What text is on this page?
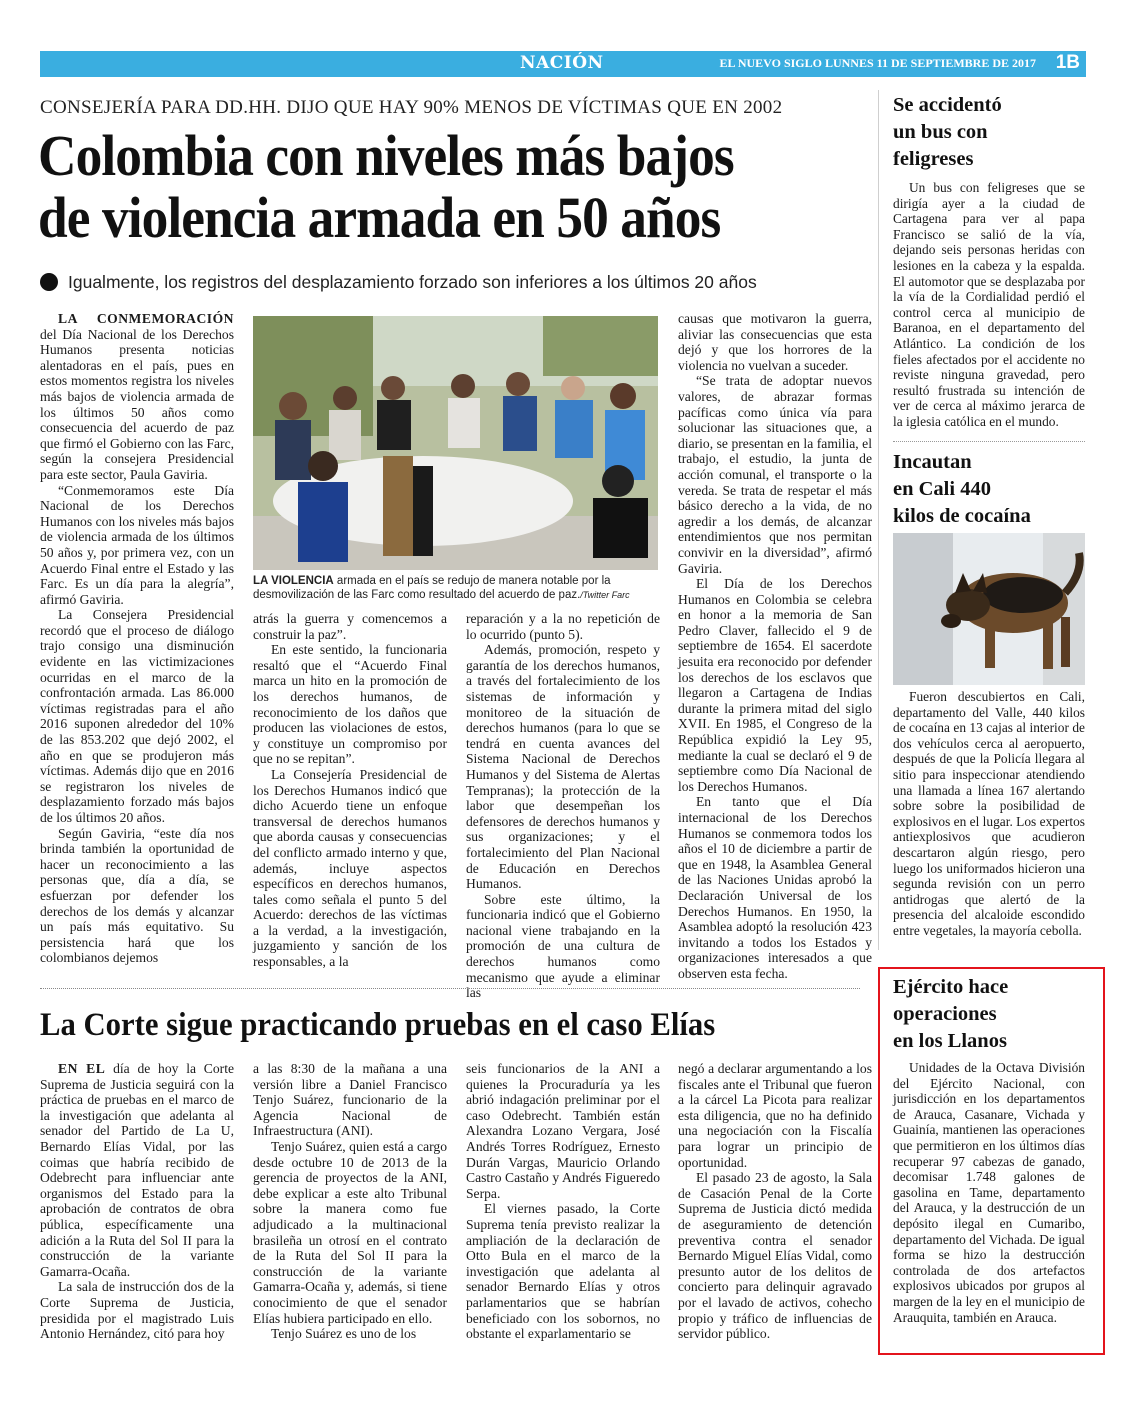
NACIÓN	EL NUEVO SIGLO LUNNES 11 DE SEPTIEMBRE DE 2017 1B
CONSEJERÍA PARA DD.HH. DIJO QUE HAY 90% MENOS DE VÍCTIMAS QUE EN 2002
Colombia con niveles más bajos
de violencia armada en 50 años
Igualmente, los registros del desplazamiento forzado son inferiores a los últimos 20 años

LA CONMEMORACIÓN del Día Nacional de los Derechos Humanos presenta noticias alentadoras en el país, pues en estos momentos registra los niveles más bajos de violencia armada de los últimos 50 años como consecuencia del acuerdo de paz que firmó el Gobierno con las Farc, según la consejera Presidencial para este sector, Paula Gaviria.

“Conmemoramos este Día Nacional de los Derechos Humanos con los niveles más bajos de violencia armada de los últimos 50 años y, por primera vez, con un Acuerdo Final entre el Estado y las Farc. Es un día para la alegría”, afirmó Gaviria.

La Consejera Presidencial recordó que el proceso de diálogo trajo consigo una disminución evidente en las victimizaciones ocurridas en el marco de la confrontación armada. Las 86.000 víctimas registradas para el año 2016 suponen alrededor del 10% de las 853.202 que dejó 2002, el año en que se produjeron más víctimas. Además dijo que en 2016 se registraron los niveles de desplazamiento forzado más bajos de los últimos 20 años.

Según Gaviria, “este día nos brinda también la oportunidad de hacer un reconocimiento a las personas que, día a día, se esfuerzan por defender los derechos de los demás y alcanzar un país más equitativo. Su persistencia hará que los colombianos dejemos

LA VIOLENCIA armada en el país se redujo de manera notable por la desmovilización de las Farc como resultado del acuerdo de paz./Twitter Farc

atrás la guerra y comencemos a construir la paz”.

En este sentido, la funcionaria resaltó que el “Acuerdo Final marca un hito en la promoción de los derechos humanos, de reconocimiento de los daños que producen las violaciones de estos, y constituye un compromiso por que no se repitan”.

La Consejería Presidencial de los Derechos Humanos indicó que dicho Acuerdo tiene un enfoque transversal de derechos humanos que aborda causas y consecuencias del conflicto armado interno y que, además, incluye aspectos específicos en derechos humanos, tales como señala el punto 5 del Acuerdo: derechos de las víctimas a la verdad, a la investigación, juzgamiento y sanción de los responsables, a la

reparación y a la no repetición de lo ocurrido (punto 5).

Además, promoción, respeto y garantía de los derechos humanos, a través del fortalecimiento de los sistemas de información y monitoreo de la situación de derechos humanos (para lo que se tendrá en cuenta avances del Sistema Nacional de Derechos Humanos y del Sistema de Alertas Tempranas); la protección de la labor que desempeñan los defensores de derechos humanos y sus organizaciones; y el fortalecimiento del Plan Nacional de Educación en Derechos Humanos.

Sobre este último, la funcionaria indicó que el Gobierno nacional viene trabajando en la promoción de una cultura de derechos humanos como mecanismo que ayude a eliminar las

causas que motivaron la guerra, aliviar las consecuencias que esta dejó y que los horrores de la violencia no vuelvan a suceder.

“Se trata de adoptar nuevos valores, de abrazar formas pacíficas como única vía para solucionar las situaciones que, a diario, se presentan en la familia, el trabajo, el estudio, la junta de acción comunal, el transporte o la vereda. Se trata de respetar el más básico derecho a la vida, de no agredir a los demás, de alcanzar entendimientos que nos permitan convivir en la diversidad”, afirmó Gaviria.

El Día de los Derechos Humanos en Colombia se celebra en honor a la memoria de San Pedro Claver, fallecido el 9 de septiembre de 1654. El sacerdote jesuita era reconocido por defender los derechos de los esclavos que llegaron a Cartagena de Indias durante la primera mitad del siglo XVII. En 1985, el Congreso de la República expidió la Ley 95, mediante la cual se declaró el 9 de septiembre como Día Nacional de los Derechos Humanos.

En tanto que el Día internacional de los Derechos Humanos se conmemora todos los años el 10 de diciembre a partir de que en 1948, la Asamblea General de las Naciones Unidas aprobó la Declaración Universal de los Derechos Humanos. En 1950, la Asamblea adoptó la resolución 423 invitando a todos los Estados y organizaciones interesados a que observen esta fecha.

La Corte sigue practicando pruebas en el caso Elías

EN EL día de hoy la Corte Suprema de Justicia seguirá con la práctica de pruebas en el marco de la investigación que adelanta al senador del Partido de La U, Bernardo Elías Vidal, por las coimas que habría recibido de Odebrecht para influenciar ante organismos del Estado para la aprobación de contratos de obra pública, específicamente una adición a la Ruta del Sol II para la construcción de la variante Gamarra-Ocaña.

La sala de instrucción dos de la Corte Suprema de Justicia, presidida por el magistrado Luis Antonio Hernández, citó para hoy

a las 8:30 de la mañana a una versión libre a Daniel Francisco Tenjo Suárez, funcionario de la Agencia Nacional de Infraestructura (ANI).

Tenjo Suárez, quien está a cargo desde octubre 10 de 2013 de la gerencia de proyectos de la ANI, debe explicar a este alto Tribunal sobre la manera como fue adjudicado a la multinacional brasileña un otrosí en el contrato de la Ruta del Sol II para la construcción de la variante Gamarra-Ocaña y, además, si tiene conocimiento de que el senador Elías hubiera participado en ello.

Tenjo Suárez es uno de los

seis funcionarios de la ANI a quienes la Procuraduría ya les abrió indagación preliminar por el caso Odebrecht. También están Alexandra Lozano Vergara, José Andrés Torres Rodríguez, Ernesto Durán Vargas, Mauricio Orlando Castro Castaño y Andrés Figueredo Serpa.

El viernes pasado, la Corte Suprema tenía previsto realizar la ampliación de la declaración de Otto Bula en el marco de la investigación que adelanta al senador Bernardo Elías y otros parlamentarios que se habrían beneficiado con los sobornos, no obstante el exparlamentario se

negó a declarar argumentando a los fiscales ante el Tribunal que fueron a la cárcel La Picota para realizar esta diligencia, que no ha definido una negociación con la Fiscalía para lograr un principio de oportunidad.

El pasado 23 de agosto, la Sala de Casación Penal de la Corte Suprema de Justicia dictó medida de aseguramiento de detención preventiva contra el senador Bernardo Miguel Elías Vidal, como presunto autor de los delitos de concierto para delinquir agravado por el lavado de activos, cohecho propio y tráfico de influencias de servidor público.

Se accidentó
un bus con
feligreses

Un bus con feligreses que se dirigía ayer a la ciudad de Cartagena para ver al papa Francisco se salió de la vía, dejando seis personas heridas con lesiones en la cabeza y la espalda. El automotor que se desplazaba por la vía de la Cordialidad perdió el control cerca al municipio de Baranoa, en el departamento del Atlántico. La condición de los fieles afectados por el accidente no reviste ninguna gravedad, pero resultó frustrada su intención de ver de cerca al máximo jerarca de la iglesia católica en el mundo.

Incautan
en Cali 440
kilos de cocaína

Fueron descubiertos en Cali, departamento del Valle, 440 kilos de cocaína en 13 cajas al interior de dos vehículos cerca al aeropuerto, después de que la Policía llegara al sitio para inspeccionar atendiendo una llamada a línea 167 alertando sobre sobre la posibilidad de explosivos en el lugar. Los expertos antiexplosivos que acudieron descartaron algún riesgo, pero luego los uniformados hicieron una segunda revisión con un perro antidrogas que alertó de la presencia del alcaloide escondido entre vegetales, la mayoría cebolla.

Ejército hace
operaciones
en los Llanos

Unidades de la Octava División del Ejército Nacional, con jurisdicción en los departamentos de Arauca, Casanare, Vichada y Guainía, mantienen las operaciones que permitieron en los últimos días recuperar 97 cabezas de ganado, decomisar 1.748 galones de gasolina en Tame, departamento del Arauca, y la destrucción de un depósito ilegal en Cumaribo, departamento del Vichada. De igual forma se hizo la destrucción controlada de dos artefactos explosivos ubicados por grupos al margen de la ley en el municipio de Arauquita, también en Arauca.
